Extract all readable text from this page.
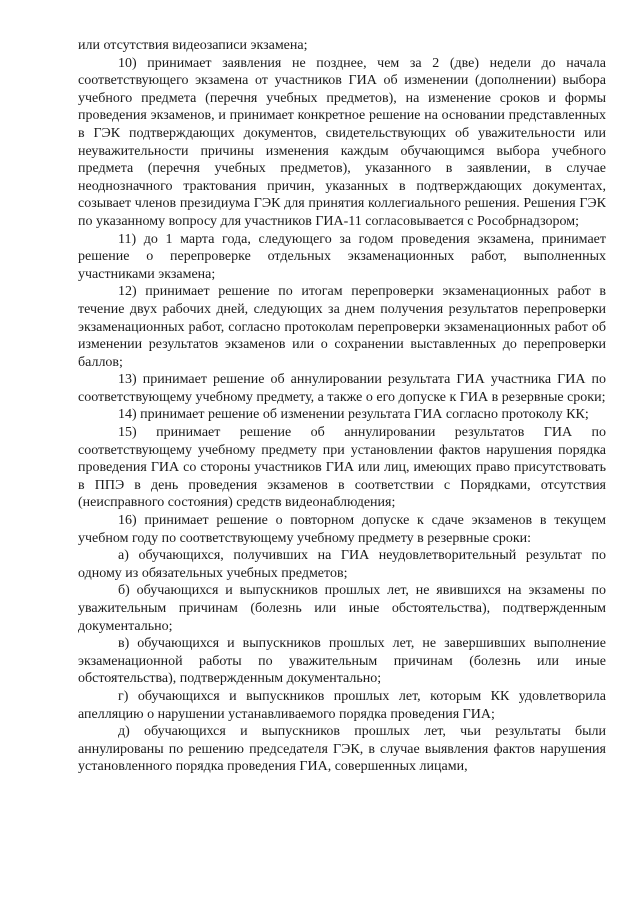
или отсутствия видеозаписи экзамена;

10) принимает заявления не позднее, чем за 2 (две) недели до начала соответствующего экзамена от участников ГИА об изменении (дополнении) выбора учебного предмета (перечня учебных предметов), на изменение сроков и формы проведения экзаменов, и принимает конкретное решение на основании представленных в ГЭК подтверждающих документов, свидетельствующих об уважительности или неуважительности причины изменения каждым обучающимся выбора учебного предмета (перечня учебных предметов), указанного в заявлении, в случае неоднозначного трактования причин, указанных в подтверждающих документах, созывает членов президиума ГЭК для принятия коллегиального решения. Решения ГЭК по указанному вопросу для участников ГИА-11 согласовывается с Рособрнадзором;

11) до 1 марта года, следующего за годом проведения экзамена, принимает решение о перепроверке отдельных экзаменационных работ, выполненных участниками экзамена;

12) принимает решение по итогам перепроверки экзаменационных работ в течение двух рабочих дней, следующих за днем получения результатов перепроверки экзаменационных работ, согласно протоколам перепроверки экзаменационных работ об изменении результатов экзаменов или о сохранении выставленных до перепроверки баллов;

13) принимает решение об аннулировании результата ГИА участника ГИА по соответствующему учебному предмету, а также о его допуске к ГИА в резервные сроки;

14) принимает решение об изменении результата ГИА согласно протоколу КК;

15) принимает решение об аннулировании результатов ГИА по соответствующему учебному предмету при установлении фактов нарушения порядка проведения ГИА со стороны участников ГИА или лиц, имеющих право присутствовать в ППЭ в день проведения экзаменов в соответствии с Порядками, отсутствия (неисправного состояния) средств видеонаблюдения;

16) принимает решение о повторном допуске к сдаче экзаменов в текущем учебном году по соответствующему учебному предмету в резервные сроки:

а) обучающихся, получивших на ГИА неудовлетворительный результат по одному из обязательных учебных предметов;

б) обучающихся и выпускников прошлых лет, не явившихся на экзамены по уважительным причинам (болезнь или иные обстоятельства), подтвержденным документально;

в) обучающихся и выпускников прошлых лет, не завершивших выполнение экзаменационной работы по уважительным причинам (болезнь или иные обстоятельства), подтвержденным документально;

г) обучающихся и выпускников прошлых лет, которым КК удовлетворила апелляцию о нарушении устанавливаемого порядка проведения ГИА;

д) обучающихся и выпускников прошлых лет, чьи результаты были аннулированы по решению председателя ГЭК, в случае выявления фактов нарушения установленного порядка проведения ГИА, совершенных лицами,
